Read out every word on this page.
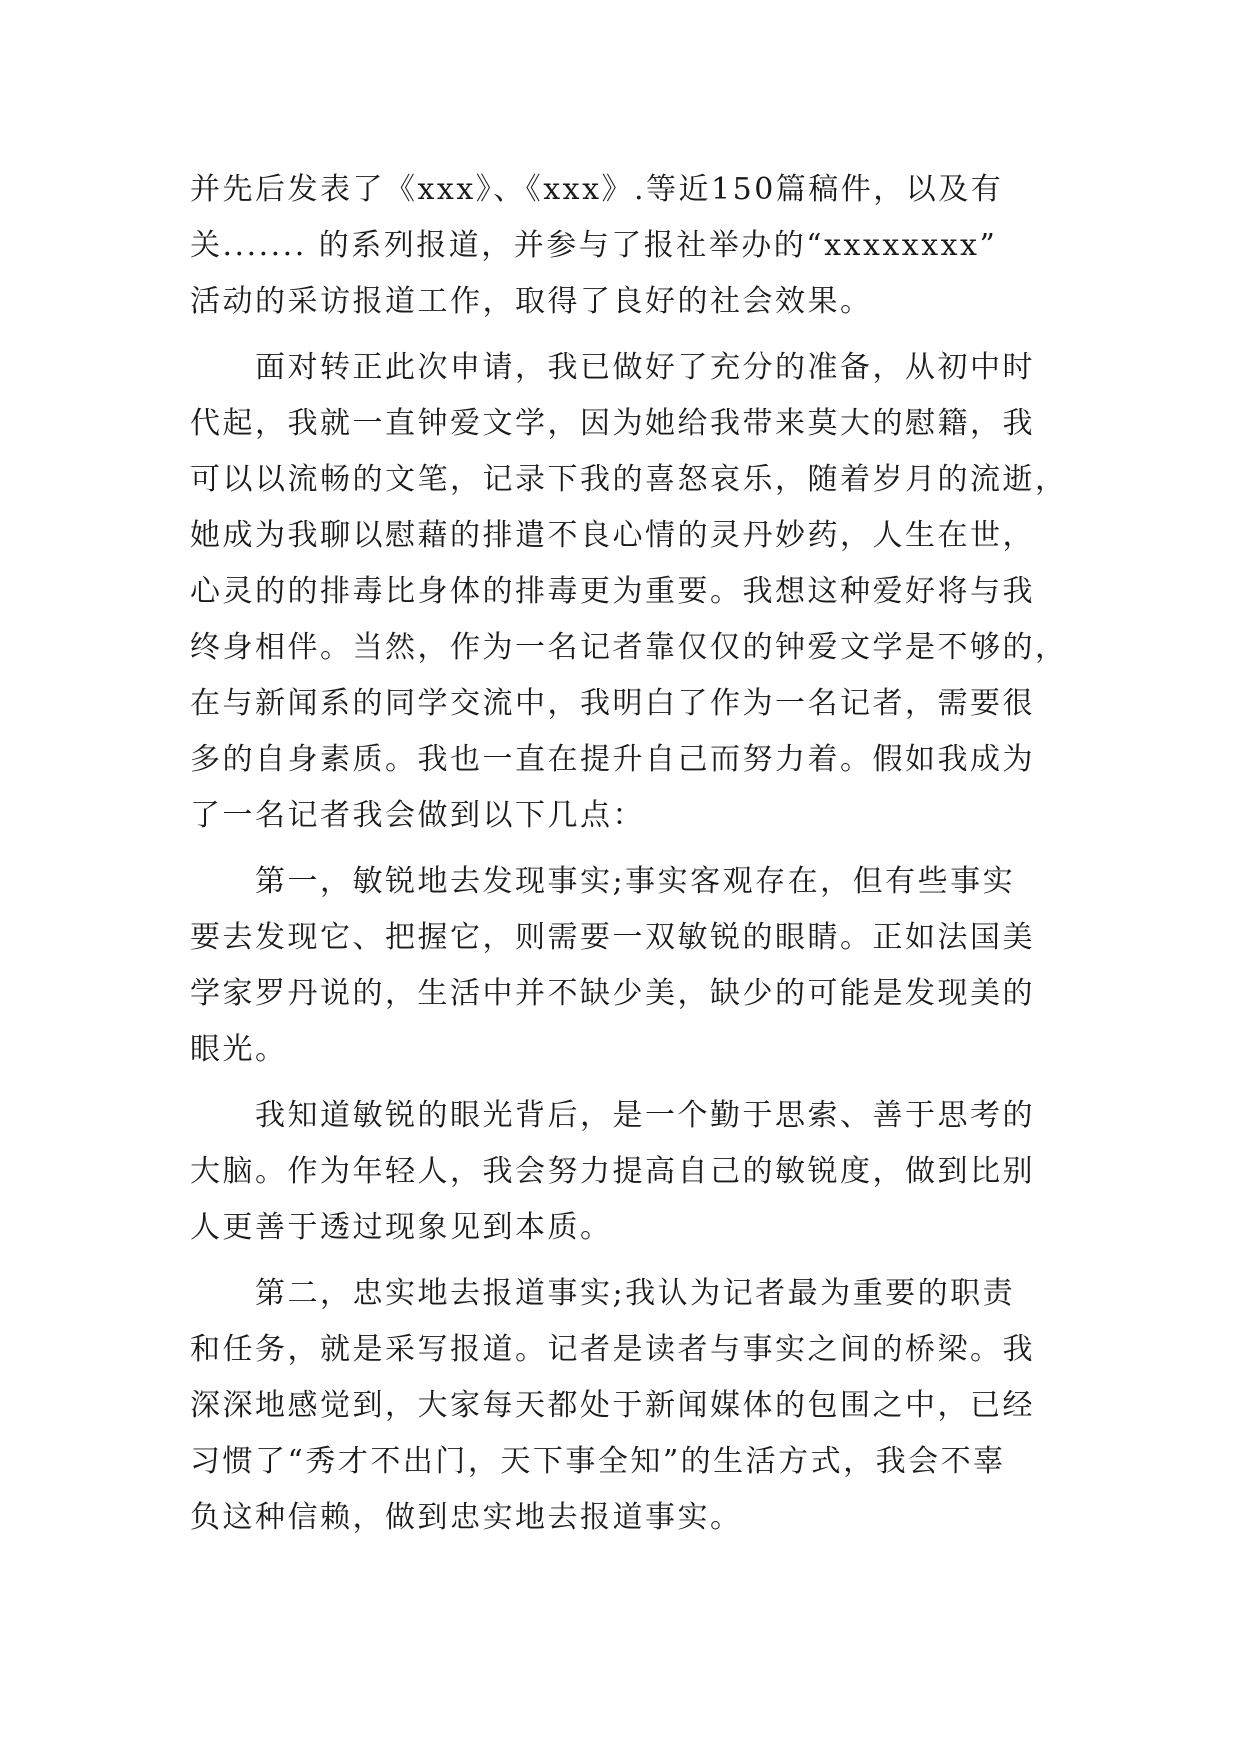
并先后发表了《xxx》、《xxx》.等近150篇稿件，以及有
关....... 的系列报道，并参与了报社举办的“xxxxxxxx”
活动的采访报道工作，取得了良好的社会效果。
面对转正此次申请，我已做好了充分的准备，从初中时
代起，我就一直钟爱文学，因为她给我带来莫大的慰籍，我
可以以流畅的文笔，记录下我的喜怒哀乐，随着岁月的流逝，
她成为我聊以慰藉的排遣不良心情的灵丹妙药，人生在世，
心灵的的排毒比身体的排毒更为重要。我想这种爱好将与我
终身相伴。当然，作为一名记者靠仅仅的钟爱文学是不够的，
在与新闻系的同学交流中，我明白了作为一名记者，需要很
多的自身素质。我也一直在提升自己而努力着。假如我成为
了一名记者我会做到以下几点：
第一，敏锐地去发现事实;事实客观存在，但有些事实
要去发现它、把握它，则需要一双敏锐的眼睛。正如法国美
学家罗丹说的，生活中并不缺少美，缺少的可能是发现美的
眼光。
我知道敏锐的眼光背后，是一个勤于思索、善于思考的
大脑。作为年轻人，我会努力提高自己的敏锐度，做到比别
人更善于透过现象见到本质。
第二，忠实地去报道事实;我认为记者最为重要的职责
和任务，就是采写报道。记者是读者与事实之间的桥梁。我
深深地感觉到，大家每天都处于新闻媒体的包围之中，已经
习惯了“秀才不出门，天下事全知”的生活方式，我会不辜
负这种信赖，做到忠实地去报道事实。
